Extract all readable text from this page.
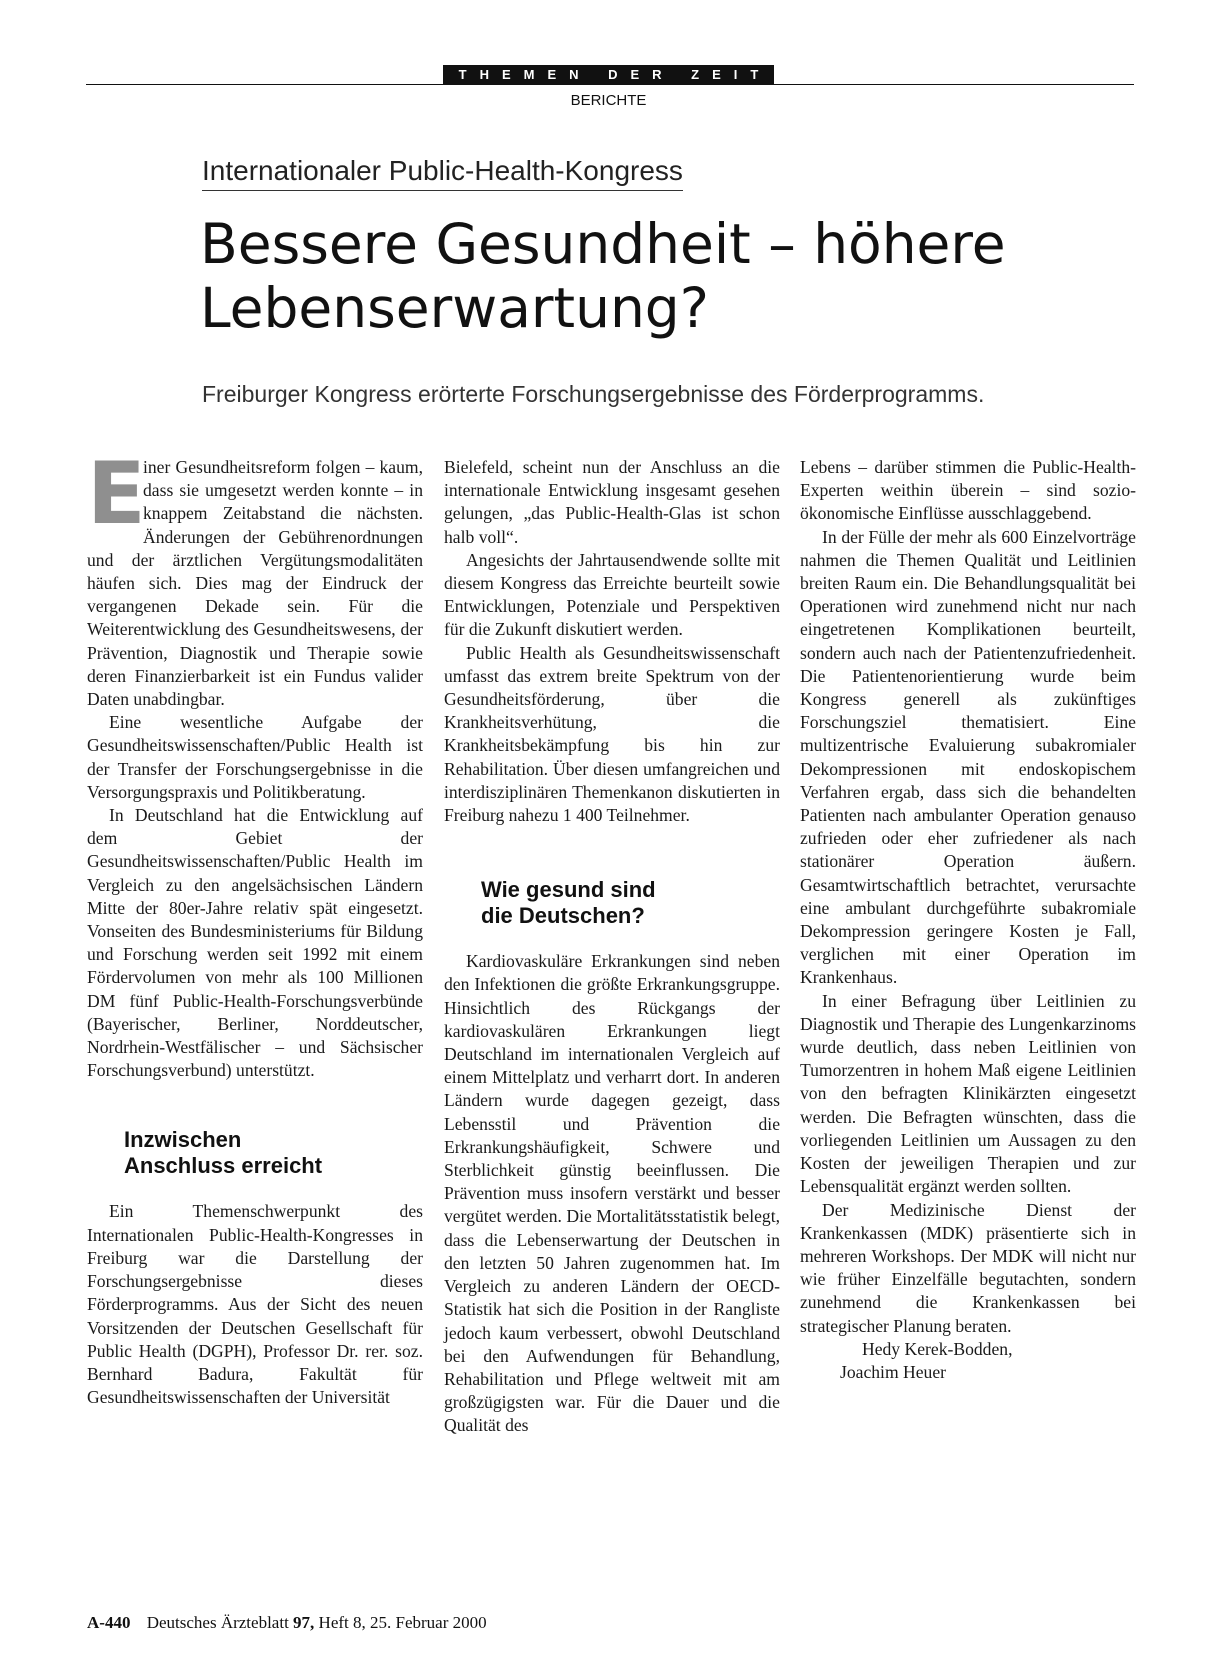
THEMEN DER ZEIT
BERICHTE
Internationaler Public-Health-Kongress
Bessere Gesundheit – höhere
Lebenserwartung?
Freiburger Kongress erörterte Forschungsergebnisse des Förderprogramms.
E

iner Gesundheitsreform folgen – kaum, dass sie umgesetzt werden konnte – in knappem Zeitabstand die nächsten. Änderungen der Gebührenordnungen und der ärztlichen Vergütungsmodalitäten häufen sich. Dies mag der Eindruck der vergangenen Dekade sein. Für die Weiterentwicklung des Gesundheitswesens, der Prävention, Diagnostik und Therapie sowie deren Finanzierbarkeit ist ein Fundus valider Daten unabdingbar.

Eine wesentliche Aufgabe der Gesundheitswissenschaften/Public Health ist der Transfer der Forschungsergebnisse in die Versorgungspraxis und Politikberatung.

In Deutschland hat die Entwicklung auf dem Gebiet der Gesundheitswissenschaften/Public Health im Vergleich zu den angelsächsischen Ländern Mitte der 80er-Jahre relativ spät eingesetzt. Vonseiten des Bundesministeriums für Bildung und Forschung werden seit 1992 mit einem Fördervolumen von mehr als 100 Millionen DM fünf Public-Health-Forschungsverbünde (Bayerischer, Berliner, Norddeutscher, Nordrhein-Westfälischer – und Sächsischer Forschungsverbund) unterstützt.

Inzwischen
Anschluss erreicht

Ein Themenschwerpunkt des Internationalen Public-Health-Kongresses in Freiburg war die Darstellung der Forschungsergebnisse dieses Förderprogramms. Aus der Sicht des neuen Vorsitzenden der Deutschen Gesellschaft für Public Health (DGPH), Professor Dr. rer. soz. Bernhard Badura, Fakultät für Gesundheitswissenschaften der Universität

Bielefeld, scheint nun der Anschluss an die internationale Entwicklung insgesamt gesehen gelungen, „das Public-Health-Glas ist schon halb voll“.

Angesichts der Jahrtausendwende sollte mit diesem Kongress das Erreichte beurteilt sowie Entwicklungen, Potenziale und Perspektiven für die Zukunft diskutiert werden.

Public Health als Gesundheitswissenschaft umfasst das extrem breite Spektrum von der Gesundheitsförderung, über die Krankheitsverhütung, die Krankheitsbekämpfung bis hin zur Rehabilitation. Über diesen umfangreichen und interdisziplinären Themenkanon diskutierten in Freiburg nahezu 1 400 Teilnehmer.

Wie gesund sind
die Deutschen?

Kardiovaskuläre Erkrankungen sind neben den Infektionen die größte Erkrankungsgruppe. Hinsichtlich des Rückgangs der kardiovaskulären Erkrankungen liegt Deutschland im internationalen Vergleich auf einem Mittelplatz und verharrt dort. In anderen Ländern wurde dagegen gezeigt, dass Lebensstil und Prävention die Erkrankungshäufigkeit, Schwere und Sterblichkeit günstig beeinflussen. Die Prävention muss insofern verstärkt und besser vergütet werden. Die Mortalitätsstatistik belegt, dass die Lebenserwartung der Deutschen in den letzten 50 Jahren zugenommen hat. Im Vergleich zu anderen Ländern der OECD-Statistik hat sich die Position in der Rangliste jedoch kaum verbessert, obwohl Deutschland bei den Aufwendungen für Behandlung, Rehabilitation und Pflege weltweit mit am großzügigsten war. Für die Dauer und die Qualität des

Lebens – darüber stimmen die Public-Health-Experten weithin überein – sind sozio-ökonomische Einflüsse ausschlaggebend.

In der Fülle der mehr als 600 Einzelvorträge nahmen die Themen Qualität und Leitlinien breiten Raum ein. Die Behandlungsqualität bei Operationen wird zunehmend nicht nur nach eingetretenen Komplikationen beurteilt, sondern auch nach der Patientenzufriedenheit. Die Patientenorientierung wurde beim Kongress generell als zukünftiges Forschungsziel thematisiert. Eine multizentrische Evaluierung subakromialer Dekompressionen mit endoskopischem Verfahren ergab, dass sich die behandelten Patienten nach ambulanter Operation genauso zufrieden oder eher zufriedener als nach stationärer Operation äußern. Gesamtwirtschaftlich betrachtet, verursachte eine ambulant durchgeführte subakromiale Dekompression geringere Kosten je Fall, verglichen mit einer Operation im Krankenhaus.

In einer Befragung über Leitlinien zu Diagnostik und Therapie des Lungenkarzinoms wurde deutlich, dass neben Leitlinien von Tumorzentren in hohem Maß eigene Leitlinien von den befragten Klinikärzten eingesetzt werden. Die Befragten wünschten, dass die vorliegenden Leitlinien um Aussagen zu den Kosten der jeweiligen Therapien und zur Lebensqualität ergänzt werden sollten.

Der Medizinische Dienst der Krankenkassen (MDK) präsentierte sich in mehreren Workshops. Der MDK will nicht nur wie früher Einzelfälle begutachten, sondern zunehmend die Krankenkassen bei strategischer Planung beraten.

Hedy Kerek-Bodden,
Joachim Heuer

A-440 Deutsches Ärzteblatt 97, Heft 8, 25. Februar 2000
